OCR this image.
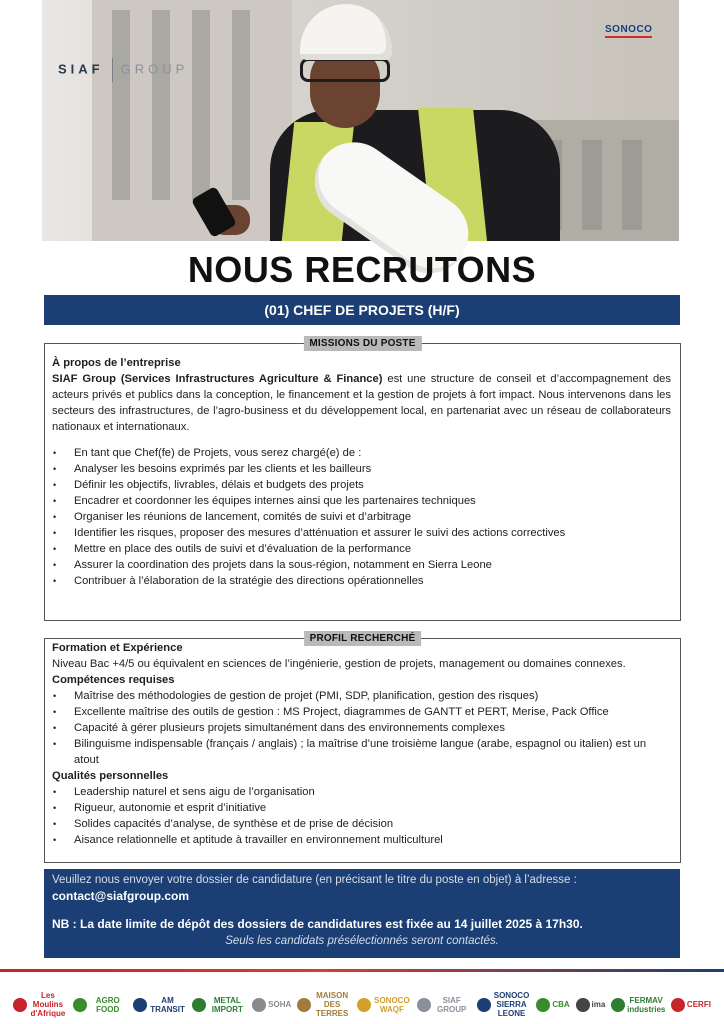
SIAF GROUP
SONOCO
NOUS RECRUTONS
(01) CHEF DE PROJETS (H/F)
MISSIONS DU POSTE
À propos de l’entreprise
SIAF Group (Services Infrastructures Agriculture & Finance) est une structure de conseil et d’accompagnement des acteurs privés et publics dans la conception, le financement et la gestion de projets à fort impact. Nous intervenons dans les secteurs des infrastructures, de l’agro-business et du développement local, en partenariat avec un réseau de collaborateurs nationaux et internationaux.
• En tant que Chef(fe) de Projets, vous serez chargé(e) de :
• Analyser les besoins exprimés par les clients et les bailleurs
• Définir les objectifs, livrables, délais et budgets des projets
• Encadrer et coordonner les équipes internes ainsi que les partenaires techniques
• Organiser les réunions de lancement, comités de suivi et d’arbitrage
• Identifier les risques, proposer des mesures d’atténuation et assurer le suivi des actions correctives
• Mettre en place des outils de suivi et d’évaluation de la performance
• Assurer la coordination des projets dans la sous-région, notamment en Sierra Leone
• Contribuer à l’élaboration de la stratégie des directions opérationnelles
PROFIL RECHERCHÉ
Formation et Expérience
Niveau Bac +4/5 ou équivalent en sciences de l’ingénierie, gestion de projets, management ou domaines connexes.
Compétences requises
• Maîtrise des méthodologies de gestion de projet (PMI, SDP, planification, gestion des risques)
• Excellente maîtrise des outils de gestion : MS Project, diagrammes de GANTT et PERT, Merise, Pack Office
• Capacité à gérer plusieurs projets simultanément dans des environnements complexes
• Bilinguisme indispensable (français / anglais) ; la maîtrise d’une troisième langue (arabe, espagnol ou italien) est un atout
Qualités personnelles
• Leadership naturel et sens aigu de l’organisation
• Rigueur, autonomie et esprit d’initiative
• Solides capacités d’analyse, de synthèse et de prise de décision
• Aisance relationnelle et aptitude à travailler en environnement multiculturel
Veuillez nous envoyer votre dossier de candidature (en précisant le titre du poste en objet) à l’adresse :
contact@siafgroup.com
NB : La date limite de dépôt des dossiers de candidatures est fixée au 14 juillet 2025 à 17h30.
Seuls les candidats présélectionnés seront contactés.
Les Moulins d'Afrique
AGRO FOOD
AM TRANSIT
METAL IMPORT	SOHA
MAISON DES TERRES
SONOCO WAQF
SIAF GROUP
SONOCO SIERRA LEONE
CBA	ima	FERMAV industries	CERFI
